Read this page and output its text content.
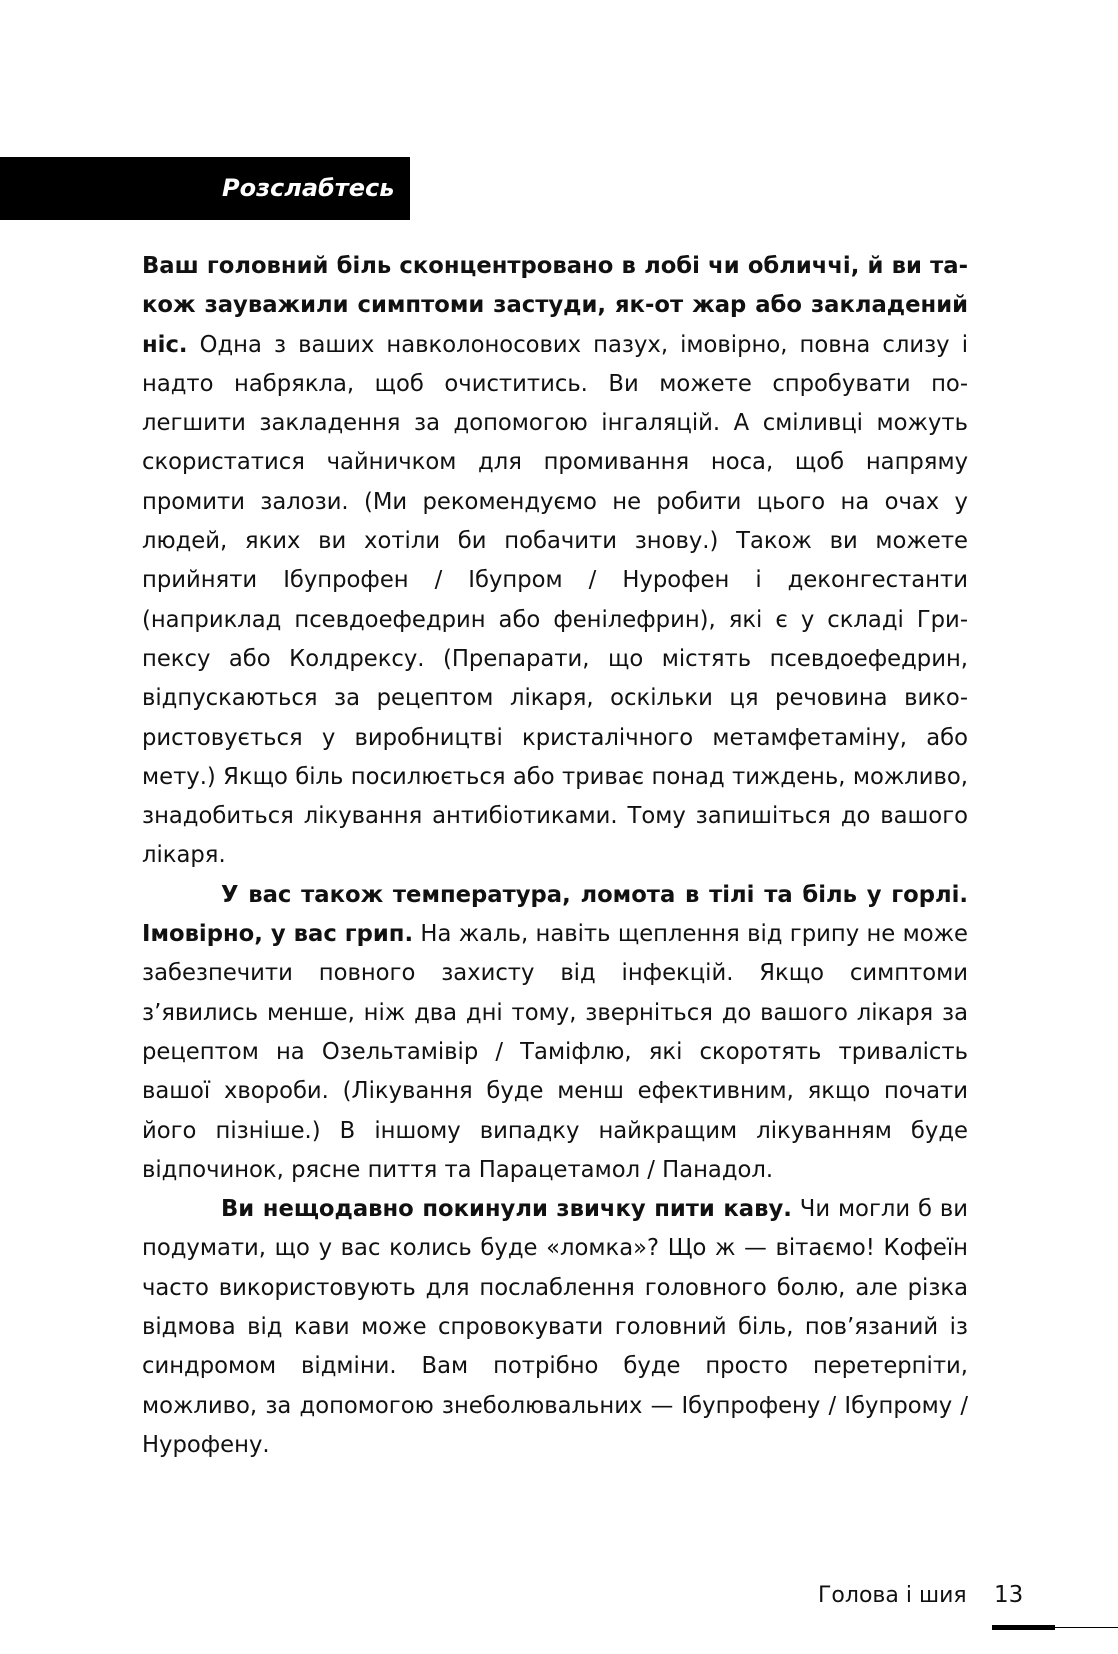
Розслабтесь

Ваш головний біль сконцентровано в лобі чи обличчі, й ви також зауважили симптоми застуди, як-от жар або закладений ніс. Одна з ваших навколоносових пазух, імовірно, повна слизу і надто набрякла, щоб очиститись. Ви можете спробувати полегшити закладення за допомогою інгаляцій. А сміливці можуть скористатися чайничком для промивання носа, щоб напряму промити залози. (Ми рекомендуємо не робити цього на очах у людей, яких ви хотіли би побачити знову.) Також ви можете прийняти Ібупрофен / Ібупром / Нурофен і деконгестанти (наприклад псевдоефедрин або фенілефрин), які є у складі Грипексу або Колдрексу. (Препарати, що містять псевдоефедрин, відпускаються за рецептом лікаря, оскільки ця речовина використовується у виробництві кристалічного метамфетаміну, або мету.) Якщо біль посилюється або триває понад тиждень, можливо, знадобиться лікування антибіотиками. Тому запишіться до вашого лікаря.

У вас також температура, ломота в тілі та біль у горлі. Імовірно, у вас грип. На жаль, навіть щеплення від грипу не може забезпечити повного захисту від інфекцій. Якщо симптоми з’явились менше, ніж два дні тому, зверніться до вашого лікаря за рецептом на Озельтамівір / Таміфлю, які скоротять тривалість вашої хвороби. (Лікування буде менш ефективним, якщо почати його пізніше.) В іншому випадку найкращим лікуванням буде відпочинок, рясне пиття та Парацетамол / Панадол.

Ви нещодавно покинули звичку пити каву. Чи могли б ви подумати, що у вас колись буде «ломка»? Що ж — вітаємо! Кофеїн часто використовують для послаблення головного болю, але різка відмова від кави може спровокувати головний біль, пов’язаний із синдромом відміни. Вам потрібно буде просто перетерпіти, можливо, за допомогою знеболювальних — Ібупрофену / Ібупрому / Нурофену.

Голова і шия 13
